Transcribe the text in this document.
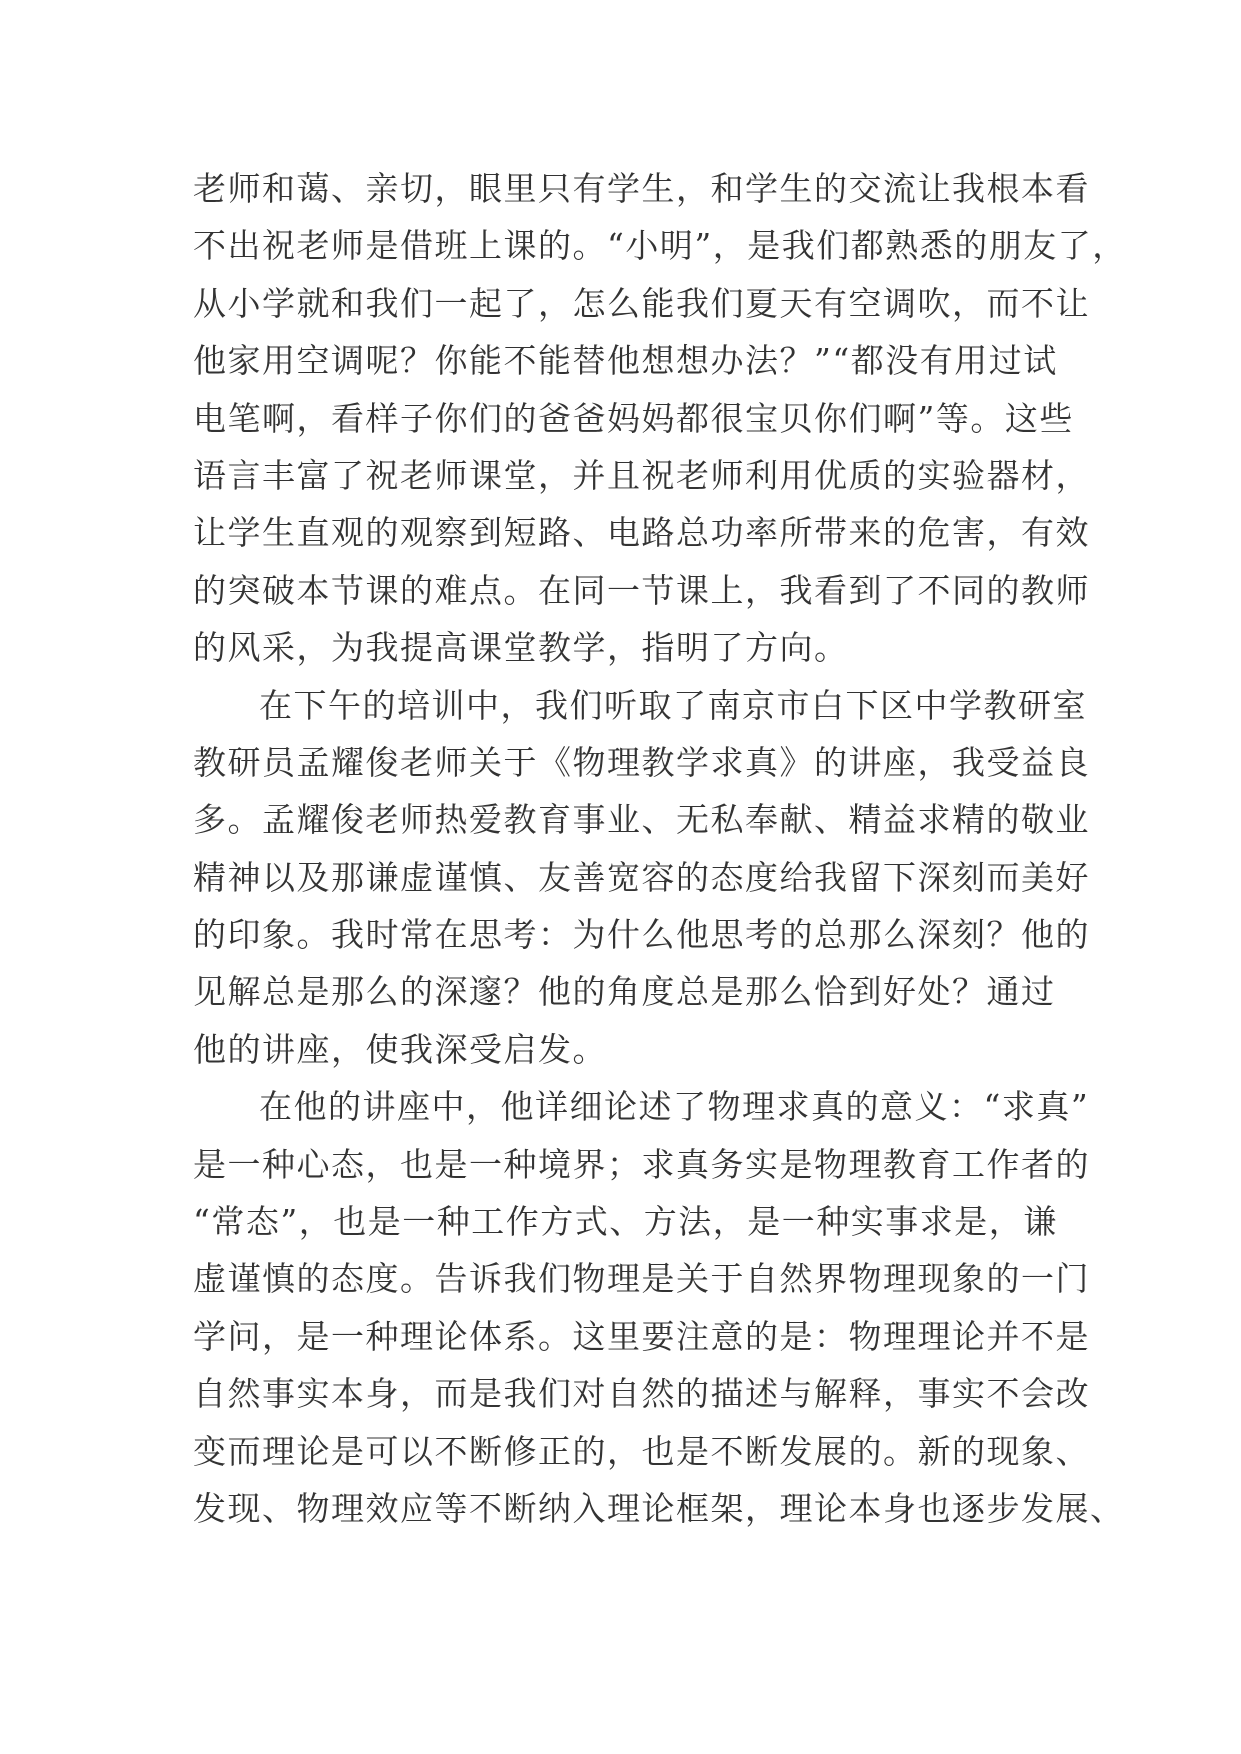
老师和蔼、亲切，眼里只有学生，和学生的交流让我根本看
不出祝老师是借班上课的。“小明”，是我们都熟悉的朋友了，
从小学就和我们一起了，怎么能我们夏天有空调吹，而不让
他家用空调呢？你能不能替他想想办法？”“都没有用过试
电笔啊，看样子你们的爸爸妈妈都很宝贝你们啊”等。这些
语言丰富了祝老师课堂，并且祝老师利用优质的实验器材，
让学生直观的观察到短路、电路总功率所带来的危害，有效
的突破本节课的难点。在同一节课上，我看到了不同的教师
的风采，为我提高课堂教学，指明了方向。
在下午的培训中，我们听取了南京市白下区中学教研室
教研员孟耀俊老师关于《物理教学求真》的讲座，我受益良
多。孟耀俊老师热爱教育事业、无私奉献、精益求精的敬业
精神以及那谦虚谨慎、友善宽容的态度给我留下深刻而美好
的印象。我时常在思考：为什么他思考的总那么深刻？他的
见解总是那么的深邃？他的角度总是那么恰到好处？通过
他的讲座，使我深受启发。
在他的讲座中，他详细论述了物理求真的意义：“求真”
是一种心态，也是一种境界；求真务实是物理教育工作者的
“常态”，也是一种工作方式、方法，是一种实事求是，谦
虚谨慎的态度。告诉我们物理是关于自然界物理现象的一门
学问，是一种理论体系。这里要注意的是：物理理论并不是
自然事实本身，而是我们对自然的描述与解释，事实不会改
变而理论是可以不断修正的，也是不断发展的。新的现象、
发现、物理效应等不断纳入理论框架，理论本身也逐步发展、
